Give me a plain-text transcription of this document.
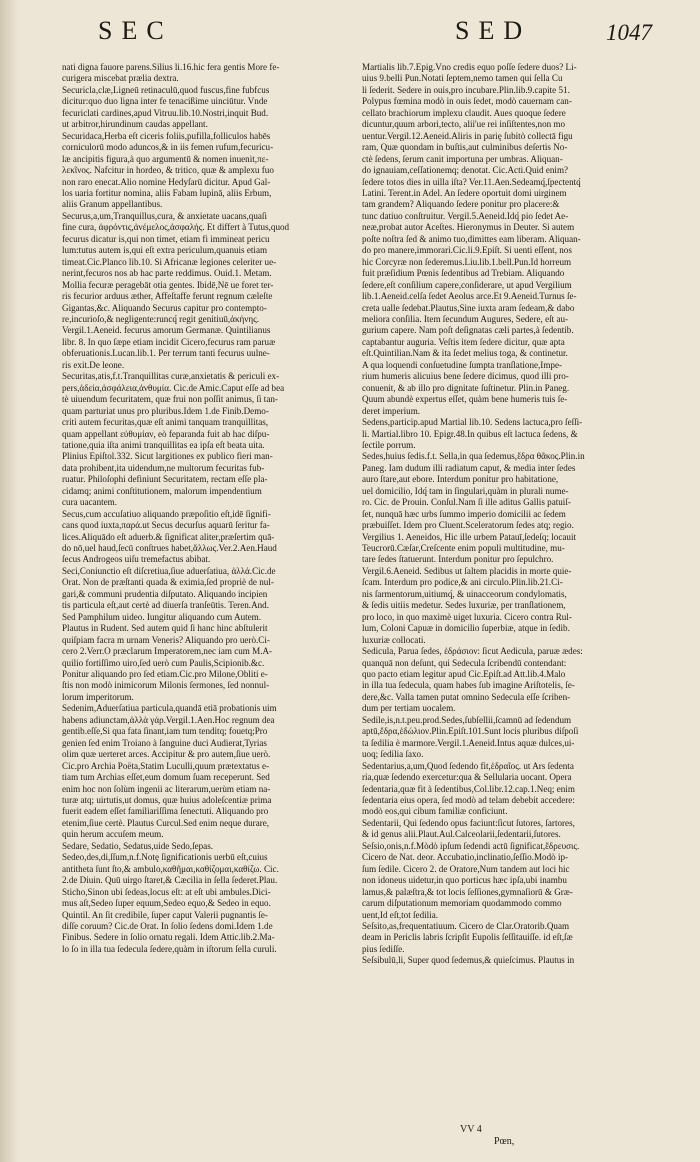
SEC	SED	1047
nati digna fauore parens.Silius li.16.hic fera gentis More fe-
curigera miscebat prælia dextra.
Securicla,clæ,Ligneū retinaculū,quod fuscus,fine fubfcus
dicitur:quo duo ligna inter fe tenacißime uinciūtur. Vnde
fecuriclati cardines,apud Vitruu.lib.10.Nostri,inquit Bud.
ut arbitror,hirundinum caudas appellant.
Securidaca,Herba eſt ciceris foliis,pufilla,folliculos habēs
corniculorū modo aduncos,& in iis femen rufum,fecuricu-
læ ancipitis figura,à quo argumentū & nomen inuenit,πε-
λεκῖνος. Nafcitur in hordeo, & tritico, quæ & amplexu fuo
non raro enecat.Alio nomine Hedyſarū dicitur. Apud Gal-
los uaria fortitur nomina, aliis Fabam lupinā, aliis Erbum,
aliis Granum appellantibus.
Securus,a,um,Tranquillus,cura, & anxietate uacans,quaſi
fine cura, ἀφρόντις,ἀνέμελος,ἀσφαλής. Et differt à Tutus,quod
fecurus dicatur is,qui non timet, etiam fi immineat pericu
lum:tutus autem is,qui eſt extra periculum,quanuis etiam
timeat.Cic.Planco lib.10. Si Africanæ legiones celeriter ue-
nerint,fecuros nos ab hac parte reddimus. Ouid.1. Metam.
Mollia fecuræ peragebāt otia gentes. Ibidē,Nē ue foret ter-
ris fecurior arduus æther, Affeſtaffe ferunt regnum cæleſte
Gigantas,&c. Aliquando Securus capitur pro contempto-
re,incurioſo,& negligente:runcq́ regit genitiuū,ἀκήνης.
Vergil.1.Aeneid. fecurus amorum Germanæ. Quintilianus
libr. 8. In quo ſæpe etiam incidit Cicero,fecurus ram paruæ
obferuationis.Lucan.lib.1. Per terrum tanti fecurus uulne-
ris exit.De leone.
Securitas,atis,f.t.Tranquillitas curæ,anxietatis & periculi ex-
pers,ἀδεία,ἀσφάλεια,ἀνθυμία. Cic.de Amic.Caput eſſe ad bea
tè uiuendum fecuritatem, quæ frui non poſſit animus, ſi tan-
quam parturiat unus pro pluribus.Idem 1.de Finib.Demo-
criti autem fecuritas,quæ eſt animi tanquam tranquillitas,
quam appellant εὐθυμίαν, eò feparanda fuit ab hac diſpu-
tatione,quia iſta animi tranquillitas ea ipſa eſt beata uita.
Plinius Epiſtol.332. Sicut largitiones ex publico fieri man-
data prohibent,ita uidendum,ne multorum fecuritas fub-
ruatur. Philoſophi definiunt Securitatem, rectam eſſe pla-
cidamq; animi conſtitutionem, malorum impendentium
cura uacantem.
Secus,cum accuſatiuo aliquando præpoſitio eſt,idē ſignifi-
cans quod iuxta,παρά.ut Secus decurſus aquarū ſeritur fa-
lices.Aliquādo eſt aduerb.& ſignificat aliter,præſertim quā-
do nō,uel haud,ſecū conſtrues habet,ἄλλως.Ver.2.Aen.Haud
ſecus Androgeos uiſu tremefactus abibat.
Seci,Coniunctio eſt diſcretiua,ſiue aduerſatiua, ἀλλά.Cic.de
Orat. Non de præſtanti quada & eximia,ſed propriè de nul-
gari,& communi prudentia diſputato. Aliquando incipien
tis particula eſt,aut certè ad diuerſa tranſeūtis. Teren.And.
Sed Pamphilum uideo. Iungitur aliquando cum Autem.
Plautus in Rudent. Sed autem quid ſi hanc hinc abſtulerit
quiſpiam facra m urnam Veneris? Aliquando pro uerò.Ci-
cero 2.Verr.O præclarum Imperatorem,nec iam cum M.A-
quilio fortiſſimo uiro,ſed uerò cum Paulis,Scipionib.&c.
Ponitur aliquando pro ſed etiam.Cic.pro Milone,Obliti e-
ſtis non modò inimicorum Milonis ſermones, ſed nonnul-
lorum imperitorum.
Sedenim,Aduerſatiua particula,quandā etiā probationis uim
habens adiunctam,ἀλλὰ γάρ.Vergil.1.Aen.Hoc regnum dea
gentib.eſſe,Si qua fata ſinant,iam tum tenditq; fouetq;Pro
genien ſed enim Troiano à ſanguine duci Audierat,Tyrias
olim quæ uerteret arces. Accipitur & pro autem,ſiue uerò.
Cic.pro Archia Poëta,Statim Luculli,quum prætextatus e-
tiam tum Archias eſſet,eum domum ſuam receperunt. Sed
enim hoc non ſolùm ingenii ac literarum,uerùm etiam na-
turæ atq; uirtutis,ut domus, quæ huius adoleſcentiæ prima
fuerit eadem eſſet familiariſſima ſenectuti. Aliquando pro
etenim,ſiue certè. Plautus Curcul.Sed enim neque durare,
quin herum accuſem meum.
Sedare, Sedatio, Sedatus,uide Sedo,ſepas.
Sedeo,des,di,ſſum,n.f.Notę ſignificationis uerbū eſt,cuius
antitheta ſunt ſto,& ambulo,καθῆμαι,καθίζομαι,καθίζω. Cic.
2.de Diuin. Quū uirgo ſtaret,& Cæcilia in ſella ſederet.Plau.
Sticho,Sinon ubi ſedeas,locus eſt: at eſt ubi ambules.Dici-
mus aſt,Sedeo ſuper equum,Sedeo equo,& Sedeo in equo.
Quintil. An ſit credibile, ſuper caput Valerii pugnantis ſe-
diſſe coruum? Cic.de Orat. In ſolio ſedens domi.Idem 1.de
Finibus. Sedere in ſolio ornatu regali. Idem Attic.lib.2.Ma-
lo ſo in illa tua ſedecula ſedere,quàm in iſtorum ſella curuli.
Martialis lib.7.Epig.Vno credis equo poſſe ſedere duos? Li-
uius 9.belli Pun.Notati ſeptem,nemo tamen qui ſella Cu
li ſederit. Sedere in ouis,pro incubare.Plin.lib.9.capite 51.
Polypus fœmina modò in ouis ſedet, modò cauernam can-
cellato brachiorum implexu claudit. Aues quoque ſedere
dicuntur,quum arbori,tecto, alii'ue rei inſiſtentes,non mo
uentur.Vergil.12.Aeneid.Aliris in parię ſubitò collectā figu
ram, Quæ quondam in buſtis,aut culminibus deſertis No-
ctè ſedens, ſerum canit importuna per umbras. Aliquan-
do ignauiam,ceſſationemq; denotat. Cic.Acti.Quid enim?
ſedere totos dies in uilla iſta? Ver.11.Aen.Sedeamq́,ſpectentq́
Latini. Terent.in Adel. An ſedere oportuit domi uirginem
tam grandem? Aliquando ſedere ponitur pro placere:&
tunc datiuo conſtruitur. Vergil.5.Aeneid.Idq́ pio ſedet Ae-
neæ,probat autor Aceſtes. Hieronymus in Deuter. Si autem
poſte noſtra ſed & animo tuo,dimittes eam liberam. Aliquan-
do pro manere,immorari.Cic.li.9.Epiſt. Si uenti eſſent, nos
hic Corcyræ non ſederemus.Liu.lib.1.bell.Pun.Id horreum
fuit præſidium Pœnis ſedentibus ad Trebiam. Aliquando
ſedere,eſt conſilium capere,conſiderare, ut apud Vergilium
lib.1.Aeneid.celſa ſedet Aeolus arce.Et 9.Aeneid.Turnus ſe-
creta ualle ſedebat.Plautus,Sine iuxta aram ſedeam,& dabo
meliora conſilia. Item ſecundum Augures, Sedere, eſt au-
gurium capere. Nam poſt deſignatas cæli partes,à ſedentib.
captabantur auguria. Veſtis item ſedere dicitur, quæ apta
eſt.Quintilian.Nam & ita ſedet melius toga, & continetur.
A qua loquendi conſuetudine ſumpta tranſlatione,Impe-
rium humeris alicuius bene ſedere dicimus, quod illi pro-
conuenit, & ab illo pro dignitate ſuſtinetur. Plin.in Paneg.
Quum abundè expertus eſſet, quàm bene humeris tuis ſe-
deret imperium.
Sedens,particip.apud Martial lib.10. Sedens lactuca,pro ſeſſi-
li. Martial.libro 10. Epigr.48.In quibus eſt lactuca ſedens, &
ſectile porrum.
Sedes,huius ſedis.f.t. Sella,in qua ſedemus,ἕδρα θᾶκος.Plin.in
Paneg. Iam dudum illi radiatum caput, & media inter ſedes
auro ſtare,aut ebore. Interdum ponitur pro habitatione,
uel domicilio, Idq́ tam in ſingulari,quàm in plurali nume-
ro. Cic. de Prouin. Conſul.Nam ſi ille aditus Gallis patuiſ-
ſet, nunquā hæc urbs ſummo imperio domicilii ac ſedem
præbuiſſet. Idem pro Cluent.Sceleratorum ſedes atq; regio.
Vergilius 1. Aeneidos, Hic ille urbem Patauī,ſedeſq; locauit
Teucrorū.Cæſar,Creſcente enim populi multitudine, mu-
tare ſedes ſtatuerunt. Interdum ponitur pro ſepulchro.
Vergil.6.Aeneid. Sedibus ut ſaltem placidis in morte quie-
ſcam. Interdum pro podice,& ani circulo.Plin.lib.21.Ci-
nis ſarmentorum,uitiumq́, & uinacceorum condylomatis,
& ſedis uitiis medetur. Sedes luxuriæ, per tranſlationem,
pro loco, in quo maximè uiget luxuria. Cicero contra Rul-
lum, Coloni Capuæ in domicilio ſuperbiæ, atque in ſedib.
luxuriæ collocati.
Sedicula, Parua ſedes, ἑδράσιον: ſicut Aedicula, paruæ ædes:
quanquā non deſunt, qui Sedecula ſcribendū contendant:
quo pacto etiam legitur apud Cic.Epiſt.ad Att.lib.4.Malo
in illa tua ſedecula, quam habes ſub imagine Ariſtotelis, ſe-
dere,&c. Valla tamen putat omnino Sedecula eſſe ſcriben-
dum per tertiam uocalem.
Sedile,is,n.t.peu.prod.Sedes,ſubſellii,ſcamnū ad ſedendum
aptū,ἕδρα,ἑδώλιον.Plin.Epiſt.101.Sunt locis pluribus diſpoſi
ta ſedilia è marmore.Vergil.1.Aeneid.Intus aquæ dulces,ui-
uoq; ſedilia ſaxo.
Sedentarius,a,um,Quod ſedendo fit,ἑδραῖος. ut Ars ſedenta
ria,quæ ſedendo exercetur:qua & Sellularia uocant. Opera
ſedentaria,quæ fit à ſedentibus,Col.libr.12.cap.1.Neq; enim
ſedentaria eius opera, ſed modò ad telam debebit accedere:
modò eos,qui cibum familiæ conficiunt.
Sedentarii, Qui ſedendo opus faciunt:ſicut ſutores, ſartores,
& id genus alii.Plaut.Aul.Calceolarii,ſedentarii,ſutores.
Seſsio,onis,n.f.Mòdò ipſum ſedendi actū ſignificat,ἕδρευσις.
Cicero de Nat. deor. Accubatio,inclinatio,ſeſſio.Modò ip-
ſum ſedile. Cicero 2. de Oratore,Num tandem aut loci hic
non idoneus uidetur,in quo porticus hæc ipſa,ubi inambu
lamus,& palæſtra,& tot locis ſeſſiones,gymnaſiorū & Græ-
carum diſputationum memoriam quodammodo commo
uent,Id eſt,tot ſedilia.
Seſsito,as,frequentatiuum. Cicero de Clar.Oratorib.Quam
deam in Periclis labris ſcripſit Eupolis ſeſſitauiſſe. id eſt,ſæ
pius ſediſſe.
Seſsibulū,li, Super quod ſedemus,& quieſcimus. Plautus in
VV 4
Pœn,
